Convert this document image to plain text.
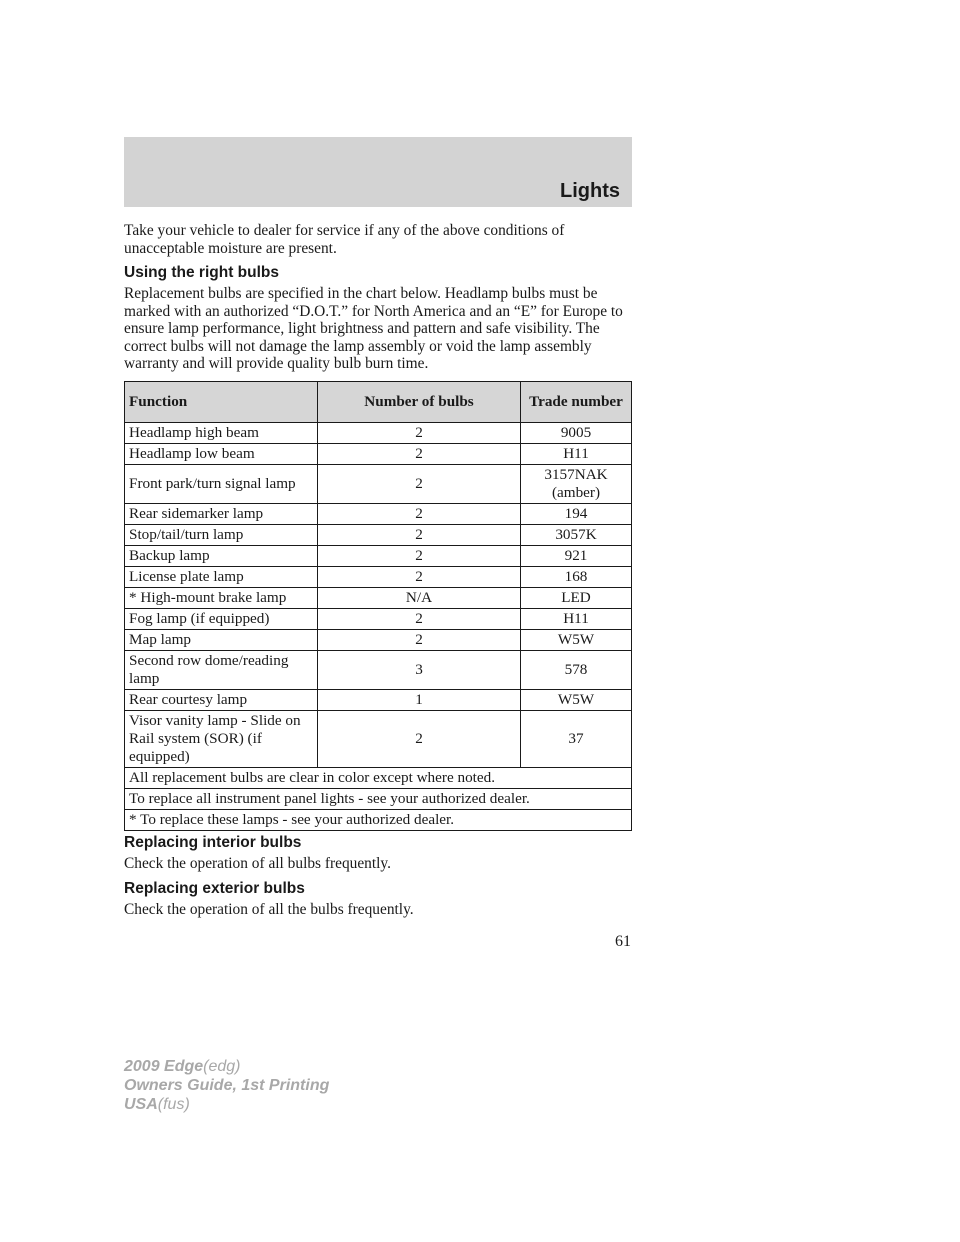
Lights

Take your vehicle to dealer for service if any of the above conditions of unacceptable moisture are present.

Using the right bulbs

Replacement bulbs are specified in the chart below. Headlamp bulbs must be marked with an authorized “D.O.T.” for North America and an “E” for Europe to ensure lamp performance, light brightness and pattern and safe visibility. The correct bulbs will not damage the lamp assembly or void the lamp assembly warranty and will provide quality bulb burn time.

Function	Number of bulbs	Trade number
Headlamp high beam	2	9005
Headlamp low beam	2	H11
Front park/turn signal lamp	2	3157NAK (amber)
Rear sidemarker lamp	2	194
Stop/tail/turn lamp	2	3057K
Backup lamp	2	921
License plate lamp	2	168
* High-mount brake lamp	N/A	LED
Fog lamp (if equipped)	2	H11
Map lamp	2	W5W
Second row dome/reading lamp	3	578
Rear courtesy lamp	1	W5W
Visor vanity lamp - Slide on Rail system (SOR) (if equipped)	2	37
All replacement bulbs are clear in color except where noted.		
To replace all instrument panel lights - see your authorized dealer.		
* To replace these lamps - see your authorized dealer.		
Replacing interior bulbs

Check the operation of all bulbs frequently.

Replacing exterior bulbs

Check the operation of all the bulbs frequently.

61
2009 Edge(edg)
Owners Guide, 1st Printing
USA(fus)
